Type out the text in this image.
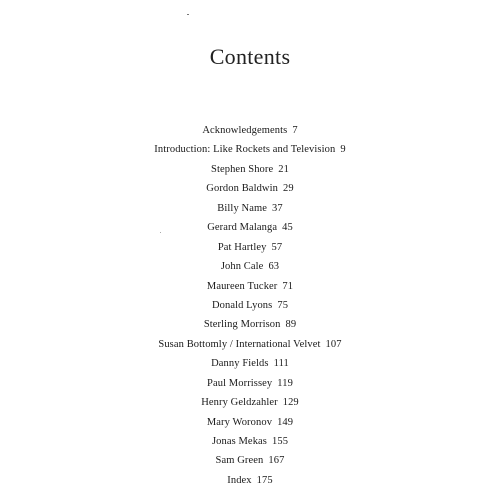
Contents
Acknowledgements 7
Introduction: Like Rockets and Television 9
Stephen Shore 21
Gordon Baldwin 29
Billy Name 37
Gerard Malanga 45
Pat Hartley 57
John Cale 63
Maureen Tucker 71
Donald Lyons 75
Sterling Morrison 89
Susan Bottomly / International Velvet 107
Danny Fields 111
Paul Morrissey 119
Henry Geldzahler 129
Mary Woronov 149
Jonas Mekas 155
Sam Green 167
Index 175
